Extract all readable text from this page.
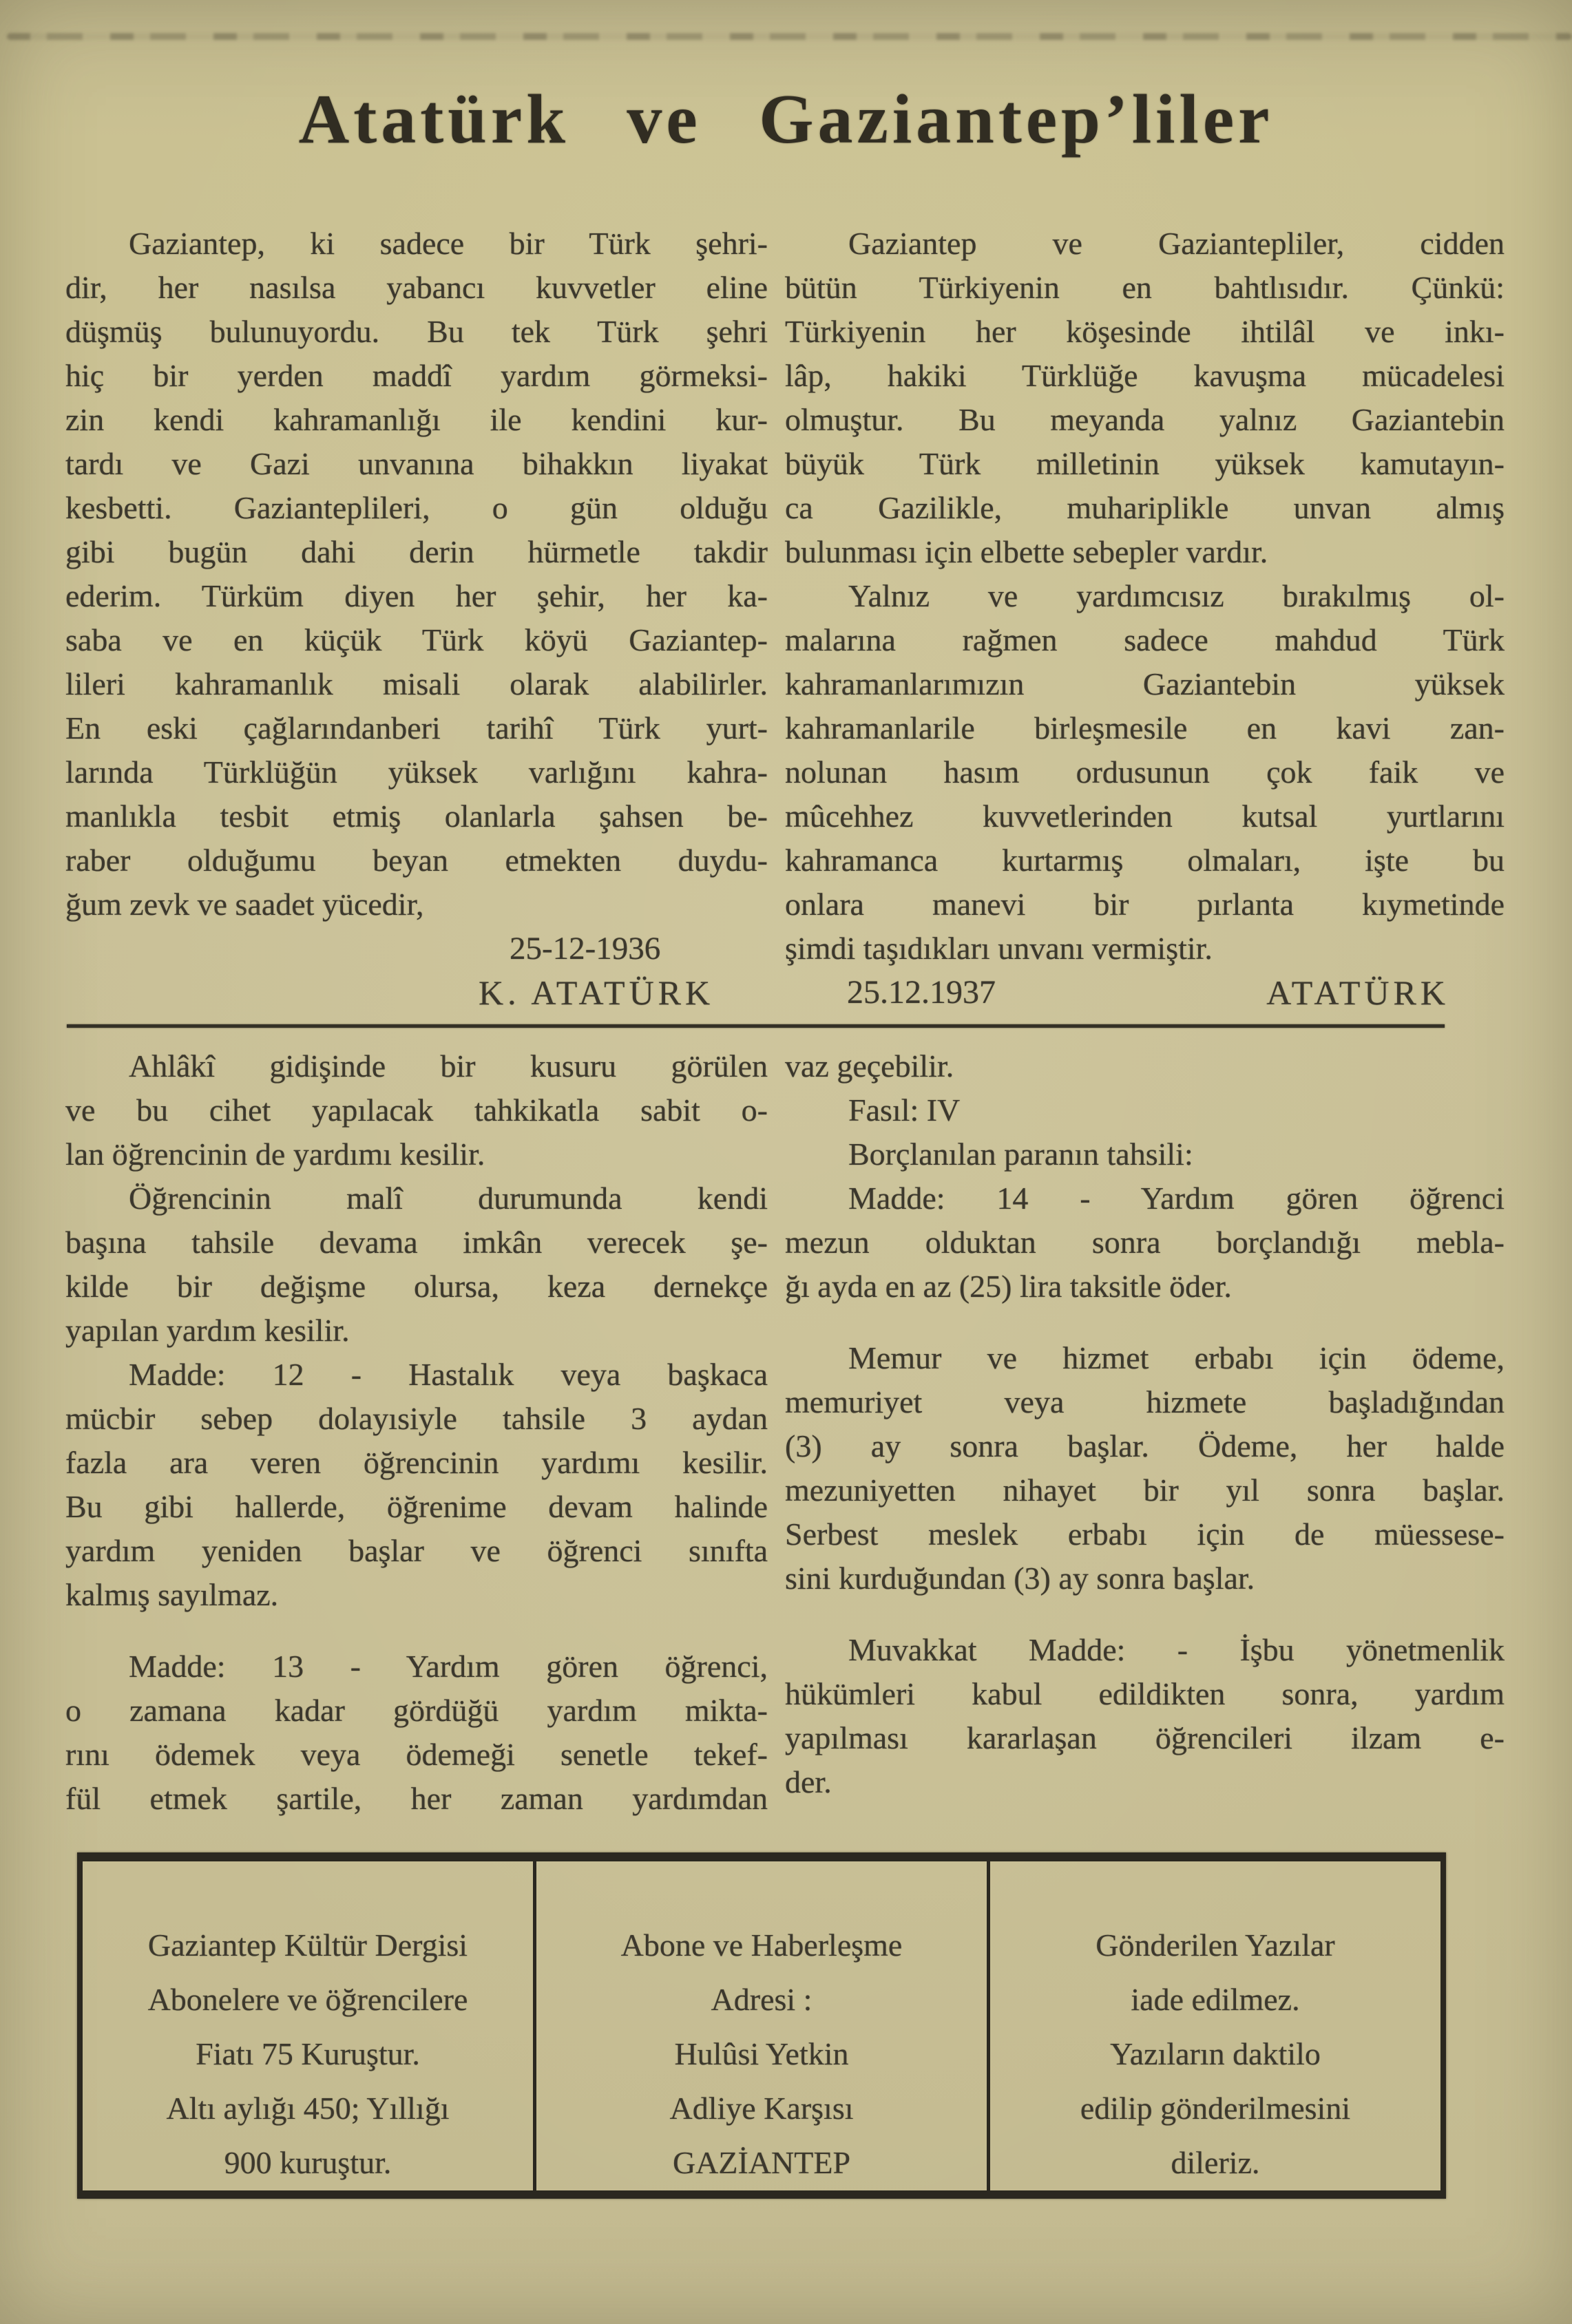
Atatürk ve Gaziantep’liler
Gaziantep, ki sadece bir Türk şehri-
dir, her nasılsa yabancı kuvvetler eline
düşmüş bulunuyordu. Bu tek Türk şehri
hiç bir yerden maddî yardım görmeksi-
zin kendi kahramanlığı ile kendini kur-
tardı ve Gazi unvanına bihakkın liyakat
kesbetti. Gazianteplileri, o gün olduğu
gibi bugün dahi derin hürmetle takdir
ederim. Türküm diyen her şehir, her ka-
saba ve en küçük Türk köyü Gaziantep-
lileri kahramanlık misali olarak alabilirler.
En eski çağlarındanberi tarihî Türk yurt-
larında Türklüğün yüksek varlığını kahra-
manlıkla tesbit etmiş olanlarla şahsen be-
raber olduğumu beyan etmekten duydu-
ğum zevk ve saadet yücedir,
25-12-1936
K. ATATÜRK
Gaziantep ve Gaziantepliler, cidden
bütün Türkiyenin en bahtlısıdır. Çünkü:
Türkiyenin her köşesinde ihtilâl ve inkı-
lâp, hakiki Türklüğe kavuşma mücadelesi
olmuştur. Bu meyanda yalnız Gaziantebin
büyük Türk milletinin yüksek kamutayın-
ca Gazilikle, muhariplikle unvan almış
bulunması için elbette sebepler vardır.
Yalnız ve yardımcısız bırakılmış ol-
malarına rağmen sadece mahdud Türk
kahramanlarımızın Gaziantebin yüksek
kahramanlarile birleşmesile en kavi zan-
nolunan hasım ordusunun çok faik ve
mûcehhez kuvvetlerinden kutsal yurtlarını
kahramanca kurtarmış olmaları, işte bu
onlara manevi bir pırlanta kıymetinde
şimdi taşıdıkları unvanı vermiştir.
25.12.1937	ATATÜRK
Ahlâkî gidişinde bir kusuru görülen
ve bu cihet yapılacak tahkikatla sabit o-
lan öğrencinin de yardımı kesilir.
Öğrencinin malî durumunda kendi
başına tahsile devama imkân verecek şe-
kilde bir değişme olursa, keza dernekçe
yapılan yardım kesilir.
Madde: 12 - Hastalık veya başkaca
mücbir sebep dolayısiyle tahsile 3 aydan
fazla ara veren öğrencinin yardımı kesilir.
Bu gibi hallerde, öğrenime devam halinde
yardım yeniden başlar ve öğrenci sınıfta
kalmış sayılmaz.
Madde: 13 - Yardım gören öğrenci,
o zamana kadar gördüğü yardım mikta-
rını ödemek veya ödemeği senetle tekef-
fül etmek şartile, her zaman yardımdan
vaz geçebilir.
Fasıl: IV
Borçlanılan paranın tahsili:
Madde: 14 - Yardım gören öğrenci
mezun olduktan sonra borçlandığı mebla-
ğı ayda en az (25) lira taksitle öder.
Memur ve hizmet erbabı için ödeme,
memuriyet veya hizmete başladığından
(3) ay sonra başlar. Ödeme, her halde
mezuniyetten nihayet bir yıl sonra başlar.
Serbest meslek erbabı için de müessese-
sini kurduğundan (3) ay sonra başlar.
Muvakkat Madde: - İşbu yönetmenlik
hükümleri kabul edildikten sonra, yardım
yapılması kararlaşan öğrencileri ilzam e-
der.
Gaziantep Kültür Dergisi
Abonelere ve öğrencilere
Fiatı 75 Kuruştur.
Altı aylığı 450; Yıllığı
900 kuruştur.
Abone ve Haberleşme
Adresi :
Hulûsi Yetkin
Adliye Karşısı
GAZİANTEP
Gönderilen Yazılar
iade edilmez.
Yazıların daktilo
edilip gönderilmesini
dileriz.
